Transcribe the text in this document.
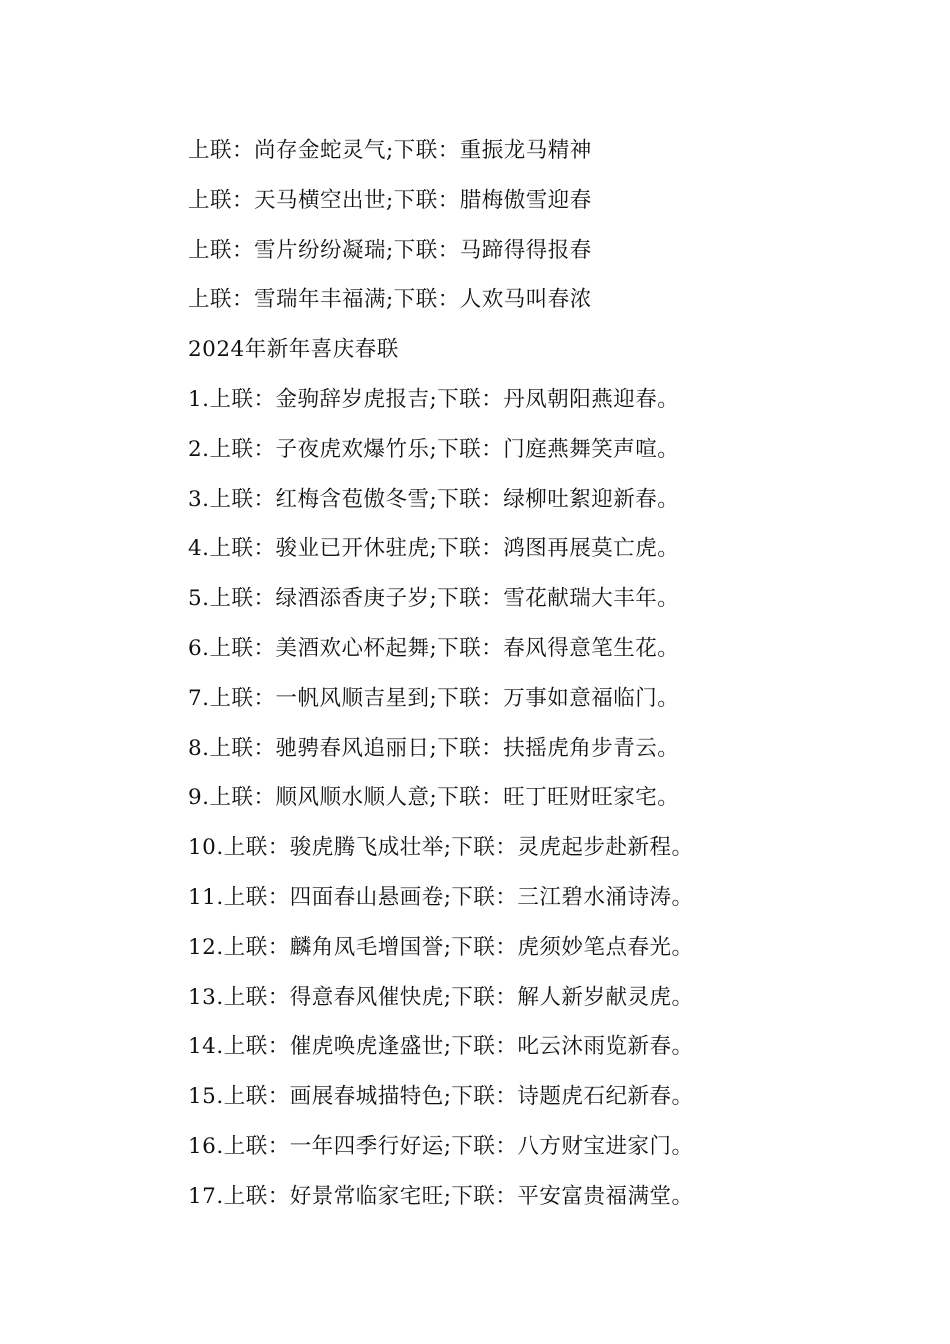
上联：尚存金蛇灵气;下联：重振龙马精神
上联：天马横空出世;下联：腊梅傲雪迎春
上联：雪片纷纷凝瑞;下联：马蹄得得报春
上联：雪瑞年丰福满;下联：人欢马叫春浓
2024年新年喜庆春联
1.上联：金驹辞岁虎报吉;下联：丹凤朝阳燕迎春。
2.上联：子夜虎欢爆竹乐;下联：门庭燕舞笑声喧。
3.上联：红梅含苞傲冬雪;下联：绿柳吐絮迎新春。
4.上联：骏业已开休驻虎;下联：鸿图再展莫亡虎。
5.上联：绿酒添香庚子岁;下联：雪花献瑞大丰年。
6.上联：美酒欢心杯起舞;下联：春风得意笔生花。
7.上联：一帆风顺吉星到;下联：万事如意福临门。
8.上联：驰骋春风追丽日;下联：扶摇虎角步青云。
9.上联：顺风顺水顺人意;下联：旺丁旺财旺家宅。
10.上联：骏虎腾飞成壮举;下联：灵虎起步赴新程。
11.上联：四面春山悬画卷;下联：三江碧水涌诗涛。
12.上联：麟角凤毛增国誉;下联：虎须妙笔点春光。
13.上联：得意春风催快虎;下联：解人新岁献灵虎。
14.上联：催虎唤虎逢盛世;下联：叱云沐雨览新春。
15.上联：画展春城描特色;下联：诗题虎石纪新春。
16.上联：一年四季行好运;下联：八方财宝进家门。
17.上联：好景常临家宅旺;下联：平安富贵福满堂。
